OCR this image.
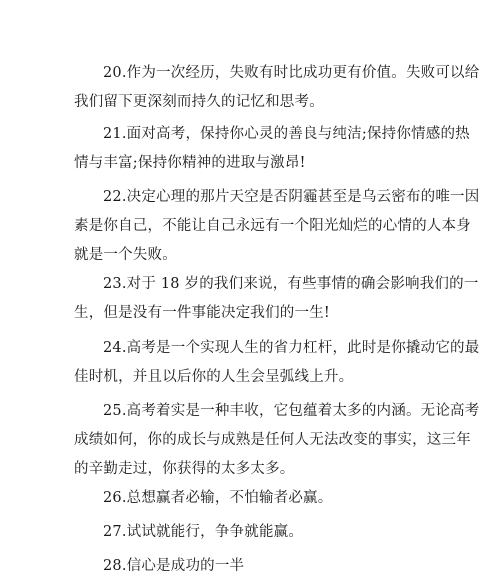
20.作为一次经历，失败有时比成功更有价值。失败可以给
我们留下更深刻而持久的记忆和思考。

21.面对高考，保持你心灵的善良与纯洁;保持你情感的热
情与丰富;保持你精神的进取与激昂!

22.决定心理的那片天空是否阴霾甚至是乌云密布的唯一因
素是你自己，不能让自己永远有一个阳光灿烂的心情的人本身
就是一个失败。

23.对于 18 岁的我们来说，有些事情的确会影响我们的一
生，但是没有一件事能决定我们的一生!

24.高考是一个实现人生的省力杠杆，此时是你撬动它的最
佳时机，并且以后你的人生会呈弧线上升。

25.高考着实是一种丰收，它包蕴着太多的内涵。无论高考
成绩如何，你的成长与成熟是任何人无法改变的事实，这三年
的辛勤走过，你获得的太多太多。

26.总想赢者必输，不怕输者必赢。

27.试试就能行，争争就能赢。

28.信心是成功的一半
